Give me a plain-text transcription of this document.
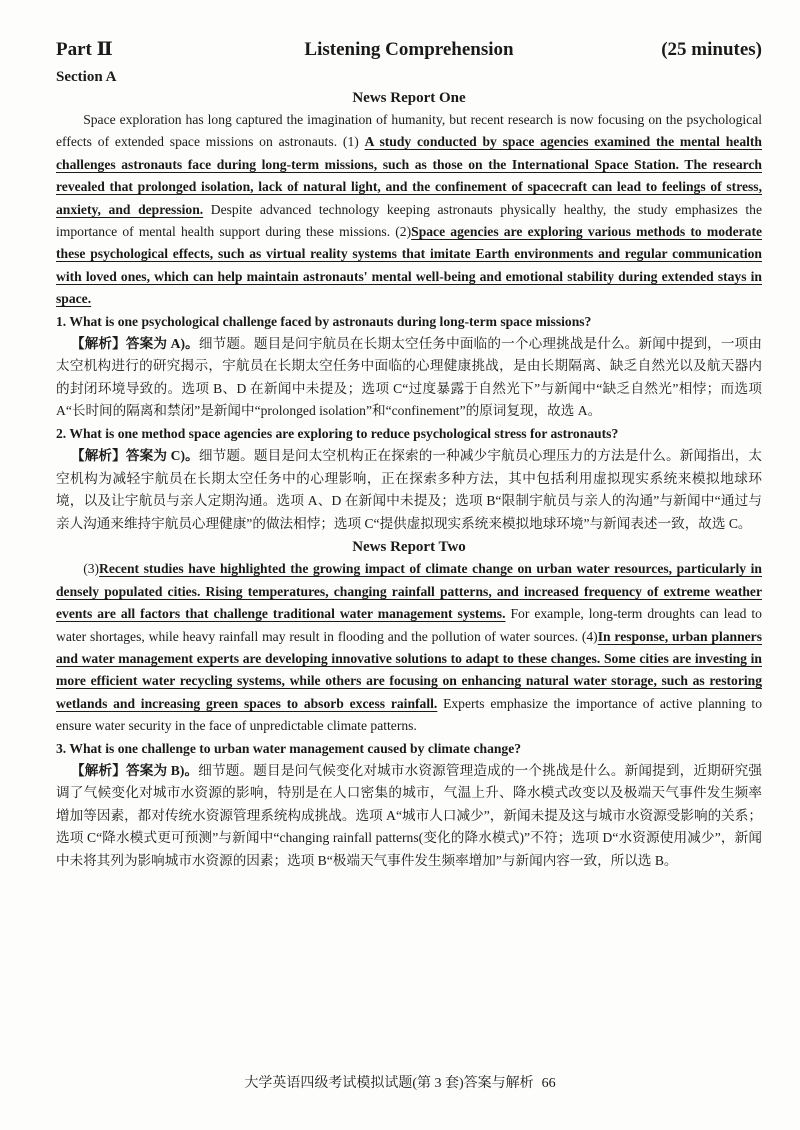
Part Ⅱ	Listening Comprehension	(25 minutes)
Section A
News Report One

Space exploration has long captured the imagination of humanity, but recent research is now focusing on the psychological effects of extended space missions on astronauts. (1) A study conducted by space agencies examined the mental health challenges astronauts face during long-term missions, such as those on the International Space Station. The research revealed that prolonged isolation, lack of natural light, and the confinement of spacecraft can lead to feelings of stress, anxiety, and depression. Despite advanced technology keeping astronauts physically healthy, the study emphasizes the importance of mental health support during these missions. (2)Space agencies are exploring various methods to moderate these psychological effects, such as virtual reality systems that imitate Earth environments and regular communication with loved ones, which can help maintain astronauts' mental well-being and emotional stability during extended stays in space.

1. What is one psychological challenge faced by astronauts during long-term space missions?

【解析】答案为 A)。细节题。题目是问宇航员在长期太空任务中面临的一个心理挑战是什么。新闻中提到，一项由太空机构进行的研究揭示，宇航员在长期太空任务中面临的心理健康挑战，是由长期隔离、缺乏自然光以及航天器内的封闭环境导致的。选项 B、D 在新闻中未提及；选项 C“过度暴露于自然光下”与新闻中“缺乏自然光”相悖；而选项 A“长时间的隔离和禁闭”是新闻中“prolonged isolation”和“confinement”的原词复现，故选 A。

2. What is one method space agencies are exploring to reduce psychological stress for astronauts?

【解析】答案为 C)。细节题。题目是问太空机构正在探索的一种减少宇航员心理压力的方法是什么。新闻指出，太空机构为减轻宇航员在长期太空任务中的心理影响，正在探索多种方法，其中包括利用虚拟现实系统来模拟地球环境，以及让宇航员与亲人定期沟通。选项 A、D 在新闻中未提及；选项 B“限制宇航员与亲人的沟通”与新闻中“通过与亲人沟通来维持宇航员心理健康”的做法相悖；选项 C“提供虚拟现实系统来模拟地球环境”与新闻表述一致，故选 C。

News Report Two

(3)Recent studies have highlighted the growing impact of climate change on urban water resources, particularly in densely populated cities. Rising temperatures, changing rainfall patterns, and increased frequency of extreme weather events are all factors that challenge traditional water management systems. For example, long-term droughts can lead to water shortages, while heavy rainfall may result in flooding and the pollution of water sources. (4)In response, urban planners and water management experts are developing innovative solutions to adapt to these changes. Some cities are investing in more efficient water recycling systems, while others are focusing on enhancing natural water storage, such as restoring wetlands and increasing green spaces to absorb excess rainfall. Experts emphasize the importance of active planning to ensure water security in the face of unpredictable climate patterns.

3. What is one challenge to urban water management caused by climate change?

【解析】答案为 B)。细节题。题目是问气候变化对城市水资源管理造成的一个挑战是什么。新闻提到，近期研究强调了气候变化对城市水资源的影响，特别是在人口密集的城市，气温上升、降水模式改变以及极端天气事件发生频率增加等因素，都对传统水资源管理系统构成挑战。选项 A“城市人口减少”，新闻未提及这与城市水资源受影响的关系；选项 C“降水模式更可预测”与新闻中“changing rainfall patterns(变化的降水模式)”不符；选项 D“水资源使用减少”，新闻中未将其列为影响城市水资源的因素；选项 B“极端天气事件发生频率增加”与新闻内容一致，所以选 B。

大学英语四级考试模拟试题(第 3 套)答案与解析 66
